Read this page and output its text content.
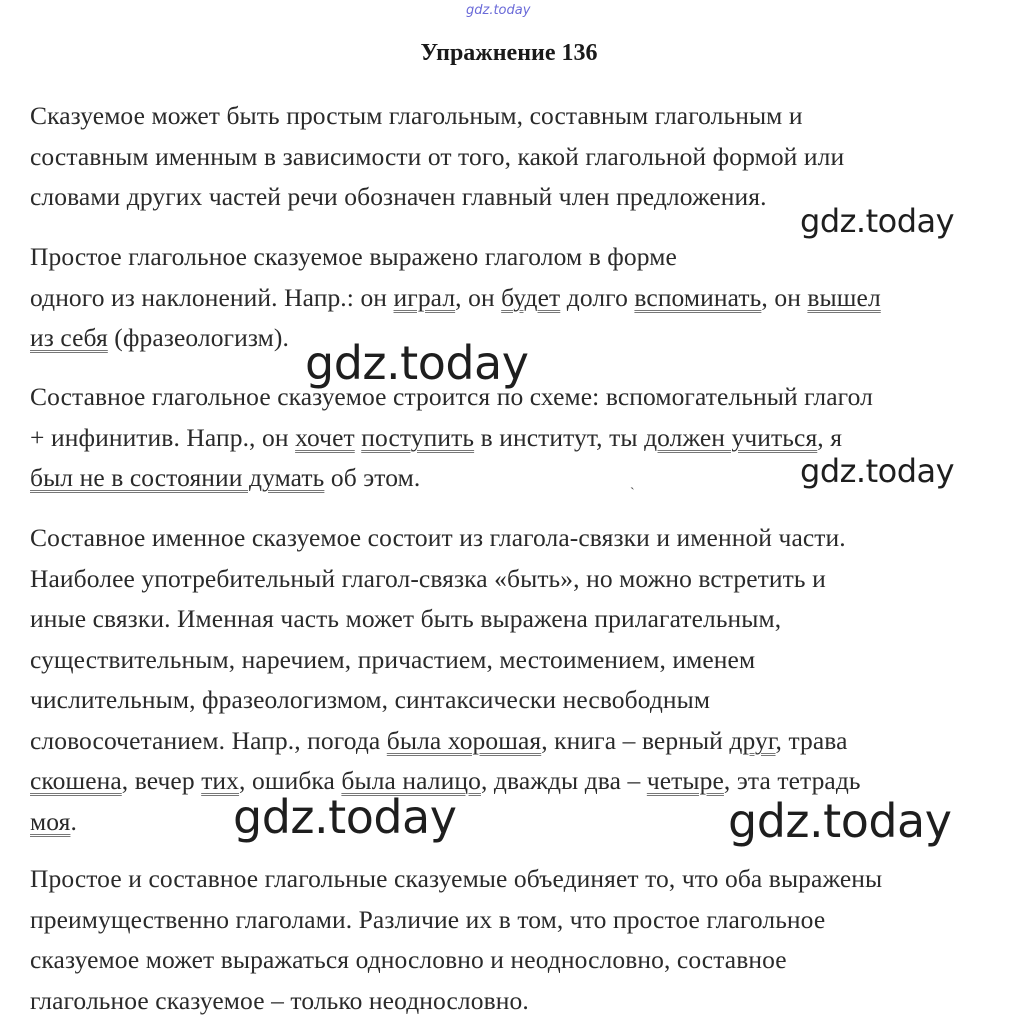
gdz.today
Упражнение 136

Сказуемое может быть простым глагольным, составным глагольным и
составным именным в зависимости от того, какой глагольной формой или
словами других частей речи обозначен главный член предложения.

Простое глагольное сказуемое выражено глаголом в форме
одного из наклонений. Напр.: он играл, он будет долго вспоминать, он вышел
из себя (фразеологизм).

Составное глагольное сказуемое строится по схеме: вспомогательный глагол
+ инфинитив. Напр., он хочет поступить в институт, ты должен учиться, я
был не в состоянии думать об этом.

Составное именное сказуемое состоит из глагола-связки и именной части.
Наиболее употребительный глагол-связка «быть», но можно встретить и
иные связки. Именная часть может быть выражена прилагательным,
существительным, наречием, причастием, местоимением, именем
числительным, фразеологизмом, синтаксически несвободным
словосочетанием. Напр., погода была хорошая, книга – верный друг, трава
скошена, вечер тих, ошибка была налицо, дважды два – четыре, эта тетрадь
моя.

Простое и составное глагольные сказуемые объединяет то, что оба выражены
преимущественно глаголами. Различие их в том, что простое глагольное
сказуемое может выражаться однословно и неоднословно, составное
глагольное сказуемое – только неоднословно.

gdz.today
gdz.today
gdz.today
gdz.today	gdz.today
`
